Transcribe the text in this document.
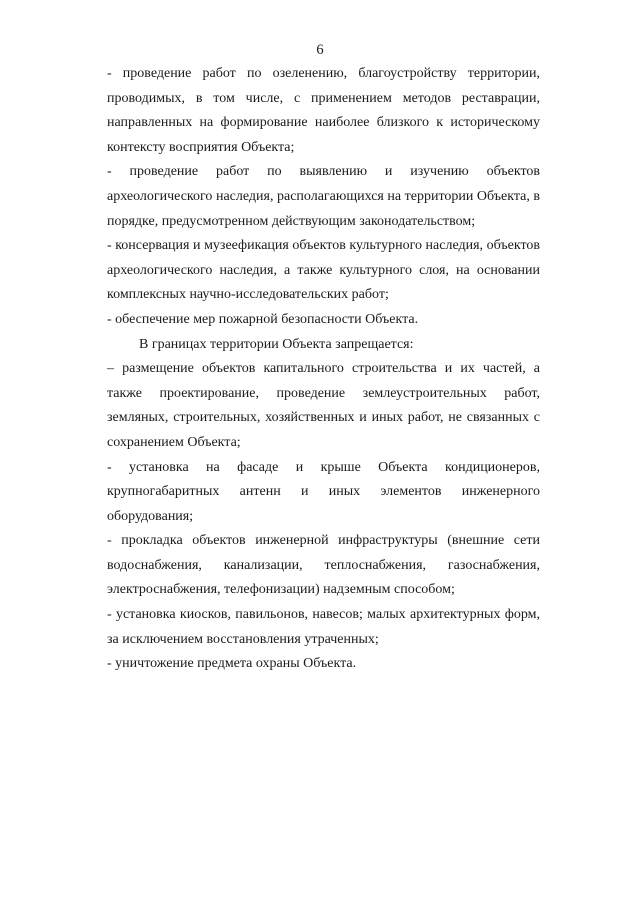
6

- проведение работ по озеленению, благоустройству территории, проводимых, в том числе, с применением методов реставрации, направленных на формирование наиболее близкого к историческому контексту восприятия Объекта;

- проведение работ по выявлению и изучению объектов археологического наследия, располагающихся на территории Объекта, в порядке, предусмотренном действующим законодательством;

- консервация и музеефикация объектов культурного наследия, объектов археологического наследия, а также культурного слоя, на основании комплексных научно-исследовательских работ;

- обеспечение мер пожарной безопасности Объекта.

В границах территории Объекта запрещается:

– размещение объектов капитального строительства и их частей, а также проектирование, проведение землеустроительных работ, земляных, строительных, хозяйственных и иных работ, не связанных с сохранением Объекта;

- установка на фасаде и крыше Объекта кондиционеров, крупногабаритных антенн и иных элементов инженерного оборудования;

- прокладка объектов инженерной инфраструктуры (внешние сети водоснабжения, канализации, теплоснабжения, газоснабжения, электроснабжения, телефонизации) надземным способом;

- установка киосков, павильонов, навесов; малых архитектурных форм, за исключением восстановления утраченных;

- уничтожение предмета охраны Объекта.
